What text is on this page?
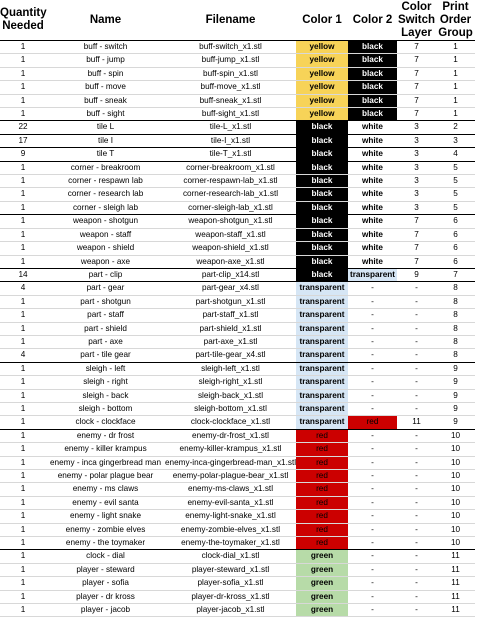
Quantity Needed	Name	Filename	Color 1	Color 2	Color Switch Layer	Print Order Group
1	buff - switch	buff-switch_x1.stl	yellow	black	7	1
1	buff - jump	buff-jump_x1.stl	yellow	black	7	1
1	buff - spin	buff-spin_x1.stl	yellow	black	7	1
1	buff - move	buff-move_x1.stl	yellow	black	7	1
1	buff - sneak	buff-sneak_x1.stl	yellow	black	7	1
1	buff - sight	buff-sight_x1.stl	yellow	black	7	1
22	tile L	tile-L_x1.stl	black	white	3	2
17	tile I	tile-I_x1.stl	black	white	3	3
9	tile T	tile-T_x1.stl	black	white	3	4
1	corner - breakroom	corner-breakroom_x1.stl	black	white	3	5
1	corner - respawn lab	corner-respawn-lab_x1.stl	black	white	3	5
1	corner - research lab	corner-research-lab_x1.stl	black	white	3	5
1	corner - sleigh lab	corner-sleigh-lab_x1.stl	black	white	3	5
1	weapon - shotgun	weapon-shotgun_x1.stl	black	white	7	6
1	weapon - staff	weapon-staff_x1.stl	black	white	7	6
1	weapon - shield	weapon-shield_x1.stl	black	white	7	6
1	weapon - axe	weapon-axe_x1.stl	black	white	7	6
14	part - clip	part-clip_x14.stl	black	transparent	9	7
4	part - gear	part-gear_x4.stl	transparent	-	-	8
1	part - shotgun	part-shotgun_x1.stl	transparent	-	-	8
1	part - staff	part-staff_x1.stl	transparent	-	-	8
1	part - shield	part-shield_x1.stl	transparent	-	-	8
1	part - axe	part-axe_x1.stl	transparent	-	-	8
4	part - tile gear	part-tile-gear_x4.stl	transparent	-	-	8
1	sleigh - left	sleigh-left_x1.stl	transparent	-	-	9
1	sleigh - right	sleigh-right_x1.stl	transparent	-	-	9
1	sleigh - back	sleigh-back_x1.stl	transparent	-	-	9
1	sleigh - bottom	sleigh-bottom_x1.stl	transparent	-	-	9
1	clock - clockface	clock-clockface_x1.stl	transparent	red	11	9
1	enemy - dr frost	enemy-dr-frost_x1.stl	red	-	-	10
1	enemy - killer krampus	enemy-killer-krampus_x1.stl	red	-	-	10
1	enemy - inca gingerbread man	enemy-inca-gingerbread-man_x1.stl	red	-	-	10
1	enemy - polar plague bear	enemy-polar-plague-bear_x1.stl	red	-	-	10
1	enemy - ms claws	enemy-ms-claws_x1.stl	red	-	-	10
1	enemy - evil santa	enemy-evil-santa_x1.stl	red	-	-	10
1	enemy - light snake	enemy-light-snake_x1.stl	red	-	-	10
1	enemy - zombie elves	enemy-zombie-elves_x1.stl	red	-	-	10
1	enemy - the toymaker	enemy-the-toymaker_x1.stl	red	-	-	10
1	clock - dial	clock-dial_x1.stl	green	-	-	11
1	player - steward	player-steward_x1.stl	green	-	-	11
1	player - sofia	player-sofia_x1.stl	green	-	-	11
1	player - dr kross	player-dr-kross_x1.stl	green	-	-	11
1	player - jacob	player-jacob_x1.stl	green	-	-	11
